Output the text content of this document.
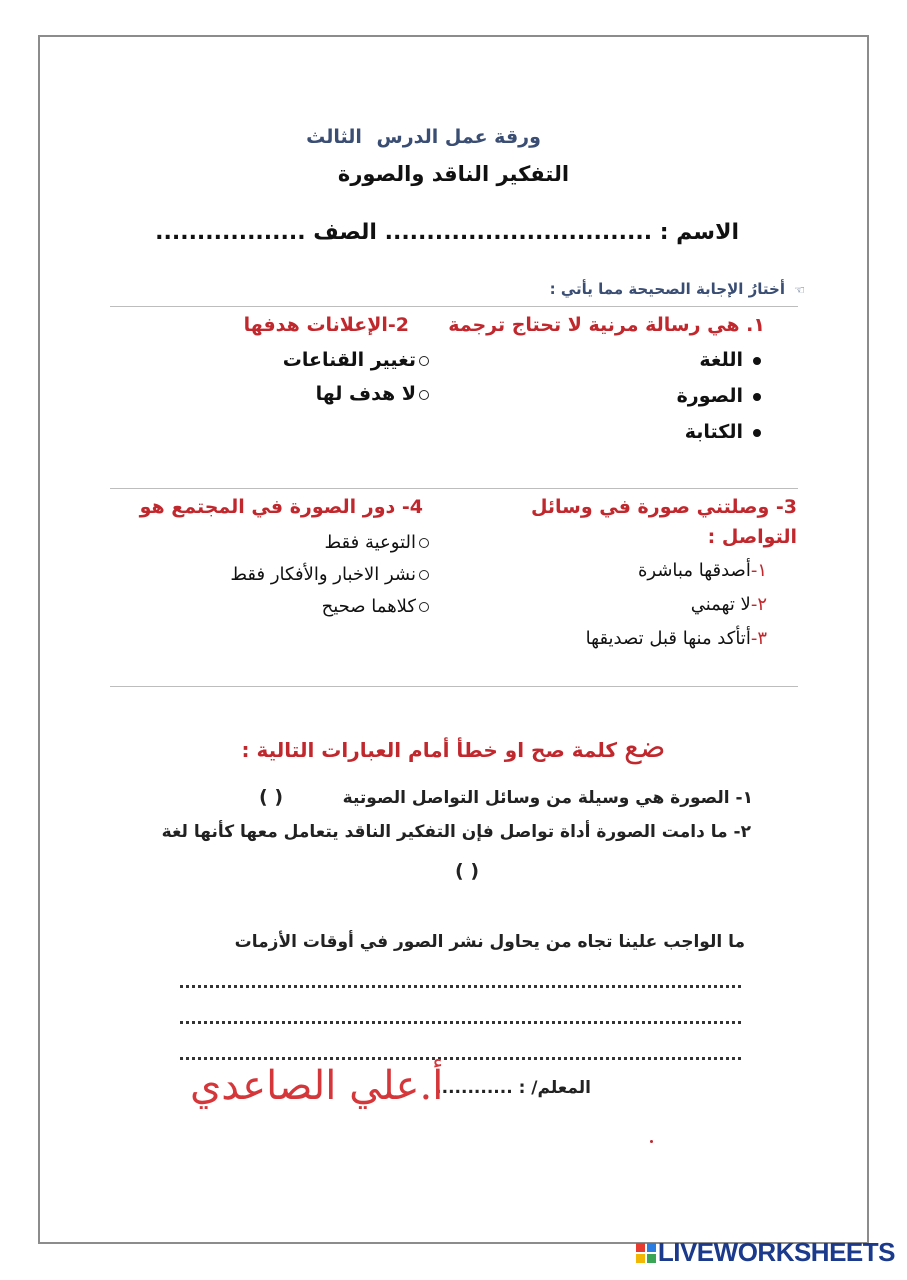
ورقة عمل الدرس الثالث
التفكير الناقد والصورة
الاسم : ................................ الصف ..................
☜ أختارُ الإجابة الصحيحة مما يأتي :
١. هي رسالة مرنية لا تحتاج ترجمة
اللغة
الصورة
الكتابة
2-الإعلانات هدفها
تغيير القناعات
لا هدف لها
3- وصلتني صورة في وسائل
التواصل :
١-أصدقها مباشرة
٢-لا تهمني
٣-أتأكد منها قبل تصديقها
4- دور الصورة في المجتمع هو
التوعية فقط
نشر الاخبار والأفكار فقط
كلاهما صحيح
ضع كلمة صح او خطأ أمام العبارات التالية :
١- الصورة هي وسيلة من وسائل التواصل الصوتية
( )
٢- ما دامت الصورة أداة تواصل فإن التفكير الناقد يتعامل معها كأنها لغة
( )
ما الواجب علينا تجاه من يحاول نشر الصور في أوقات الأزمات
المعلم/ : ............
أ.علي الصاعدي
LIVEWORKSHEETS
